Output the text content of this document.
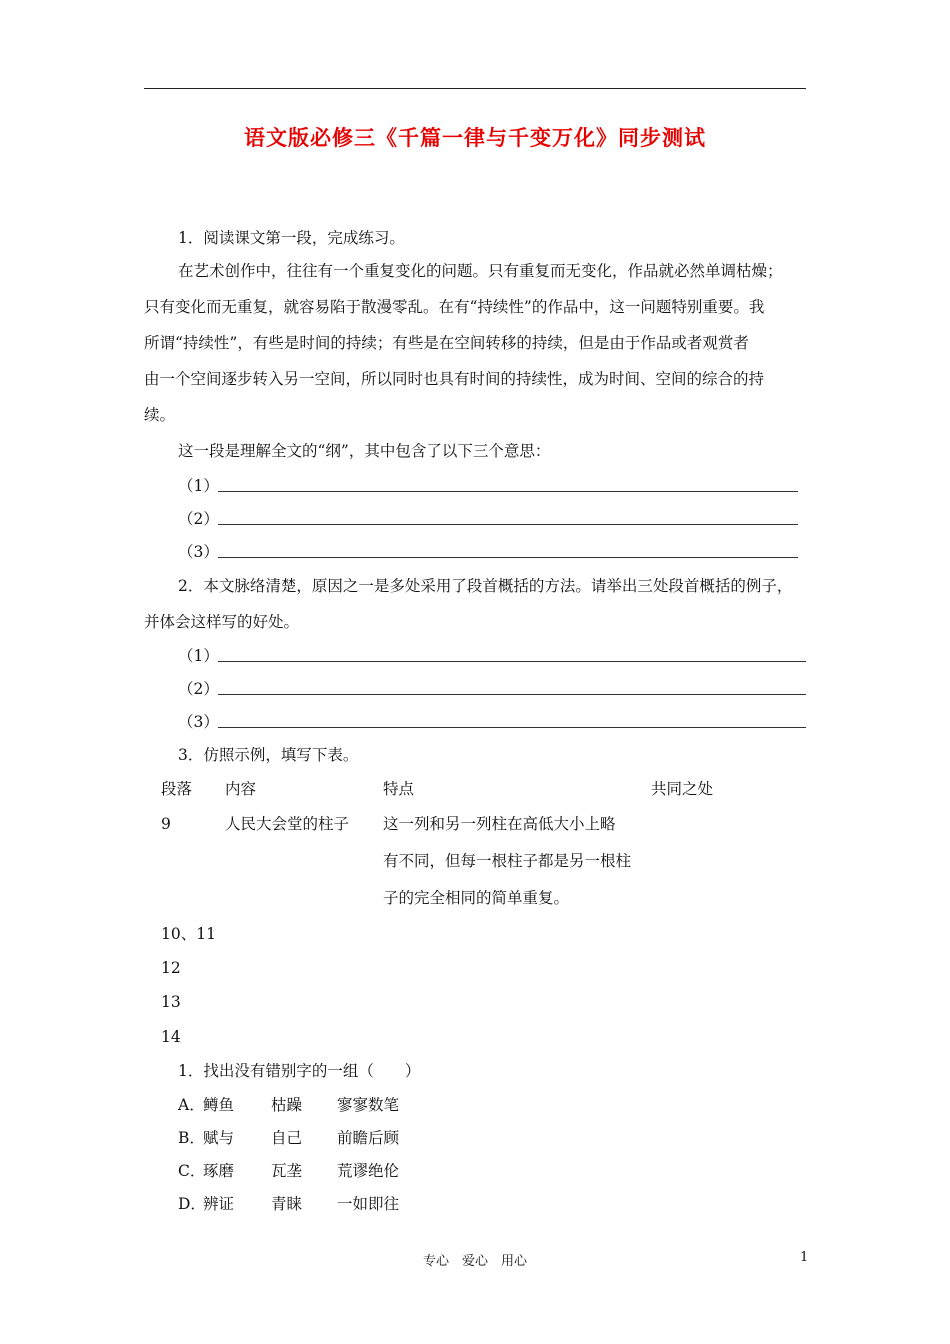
语文版必修三《千篇一律与千变万化》同步测试
1．阅读课文第一段，完成练习。
在艺术创作中，往往有一个重复变化的问题。只有重复而无变化，作品就必然单调枯燥；
只有变化而无重复，就容易陷于散漫零乱。在有“持续性”的作品中，这一问题特别重要。我
所谓“持续性”，有些是时间的持续；有些是在空间转移的持续，但是由于作品或者观赏者
由一个空间逐步转入另一空间，所以同时也具有时间的持续性，成为时间、空间的综合的持
续。
这一段是理解全文的“纲”，其中包含了以下三个意思：
（1）
（2）
（3）
2．本文脉络清楚，原因之一是多处采用了段首概括的方法。请举出三处段首概括的例子，
并体会这样写的好处。
（1）
（2）
（3）
3．仿照示例，填写下表。
段落 内容	特点	共同之处
9	人民大会堂的柱子 这一列和另一列柱在高低大小上略
有不同，但每一根柱子都是另一根柱
子的完全相同的简单重复。
10、11
12
13
14
1．找出没有错别字的一组（　　）
A．
鳟鱼 枯躁 寥寥数笔
B．
赋与 自己 前瞻后顾
C．
琢磨 瓦垄 荒谬绝伦
D．
辨证 青睐 一如即往
专心　爱心　用心	1
